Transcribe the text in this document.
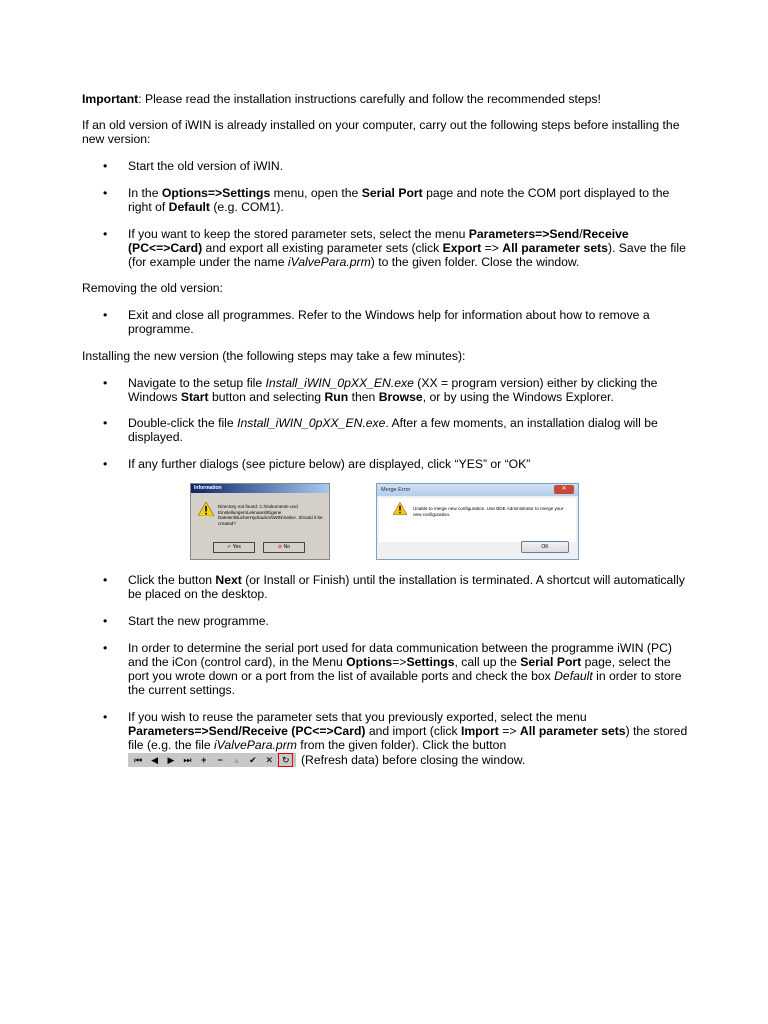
Important: Please read the installation instructions carefully and follow the recommended steps!

If an old version of iWIN is already installed on your computer, carry out the following steps before installing the new version:

•	Start the old version of iWIN.

•	In the Options=>Settings menu, open the Serial Port page and note the COM port displayed to the right of Default (e.g. COM1).

•	If you want to keep the stored parameter sets, select the menu Parameters=>Send/Receive (PC<=>Card) and export all existing parameter sets (click Export => All parameter sets). Save the file (for example under the name iValvePara.prm) to the given folder. Close the window.

Removing the old version:

•	Exit and close all programmes. Refer to the Windows help for information about how to remove a programme.

Installing the new version (the following steps may take a few minutes):

•	Navigate to the setup file Install_iWIN_0pXX_EN.exe (XX = program version) either by clicking the Windows Start button and selecting Run then Browse, or by using the Windows Explorer.

•	Double-click the file Install_iWIN_0pXX_EN.exe. After a few moments, an installation dialog will be displayed.

•	If any further dialogs (see picture below) are displayed, click “YES” or “OK”

Information
Directory not found: C:\Dokumente und Einstellungen\Leknaars\Eigene Dateien\BucherHydraulics\iWIN\iValve. Should it be created?
✔ Yes	⊘ No
Merge Error	✕
Unable to merge new configuration. Use BDE Administrator to merge your new configuration.
OK
•	Click the button Next (or Install or Finish) until the installation is terminated. A shortcut will automatically be placed on the desktop.

•	Start the new programme.

•	In order to determine the serial port used for data communication between the programme iWIN (PC) and the iCon (control card), in the Menu Options=>Settings, call up the Serial Port page, select the port you wrote down or a port from the list of available ports and check the box Default in order to store the current settings.

•	If you wish to reuse the parameter sets that you previously exported, select the menu Parameters=>Send/Receive (PC<=>Card) and import (click Import => All parameter sets) the stored file (e.g. the file iValvePara.prm from the given folder). Click the button

⏮ ◀	▶ ⏭	+	−	▲ ✔ ✕ ↻ (Refresh data) before closing the window.
